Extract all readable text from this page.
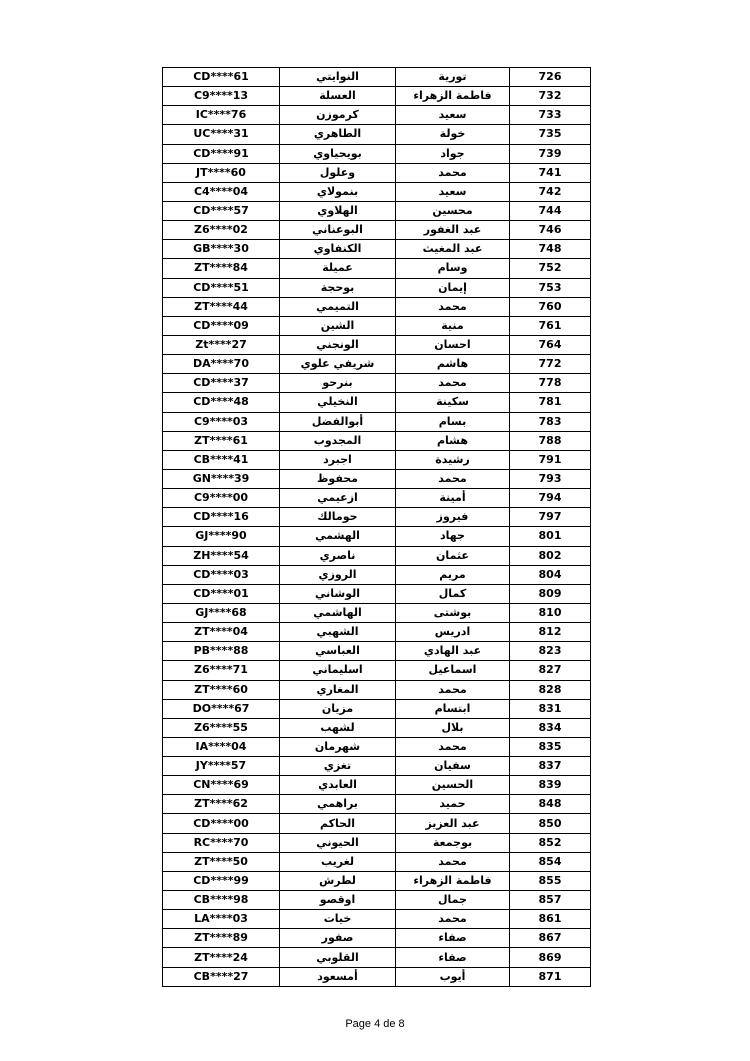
CD****61	النوايتي	تورية	726
C9****13	العسلة	فاطمة الزهراء	732
IC****76	كرموزن	سعيد	733
UC****31	الطاهري	خولة	735
CD****91	بويحياوي	جواد	739
JT****60	وعلول	محمد	741
C4****04	بنمولاي	سعيد	742
CD****57	الهلاوي	محسين	744
Z6****02	البوعناني	عبد الغفور	746
GB****30	الكنفاوي	عبد المغيث	748
ZT****84	عميلة	وسام	752
CD****51	بوحجة	إيمان	753
ZT****44	التميمي	محمد	760
CD****09	الشين	منية	761
Zt****27	الونجني	احسان	764
DA****70	شريفي علوي	هاشم	772
CD****37	بنرحو	محمد	778
CD****48	النخيلي	سكينة	781
C9****03	أبوالفضل	بسام	783
ZT****61	المجدوب	هشام	788
CB****41	اجبرد	رشيدة	791
GN****39	محفوظ	محمد	793
C9****00	ازعيمي	أمينة	794
CD****16	حومالك	فيروز	797
GJ****90	الهشمي	جهاد	801
ZH****54	ناصري	عثمان	802
CD****03	الروزي	مريم	804
CD****01	الوشاني	كمال	809
GJ****68	الهاشمي	بوشتى	810
ZT****04	الشهبي	ادريس	812
PB****88	العباسي	عبد الهادي	823
Z6****71	اسليماني	اسماعيل	827
ZT****60	المغاري	محمد	828
DO****67	مزيان	ابتسام	831
Z6****55	لشهب	بلال	834
IA****04	شهرمان	محمد	835
JY****57	تغزي	سفيان	837
CN****69	العابدي	الحسين	839
ZT****62	براهمي	حميد	848
CD****00	الحاكم	عبد العزيز	850
RC****70	الحيوني	بوجمعة	852
ZT****50	لغريب	محمد	854
CD****99	لطرش	فاطمة الزهراء	855
CB****98	اوقصو	جمال	857
LA****03	خيات	محمد	861
ZT****89	صفور	صفاء	867
ZT****24	القلوبي	صفاء	869
CB****27	أمسعود	أيوب	871
Page 4 de 8
